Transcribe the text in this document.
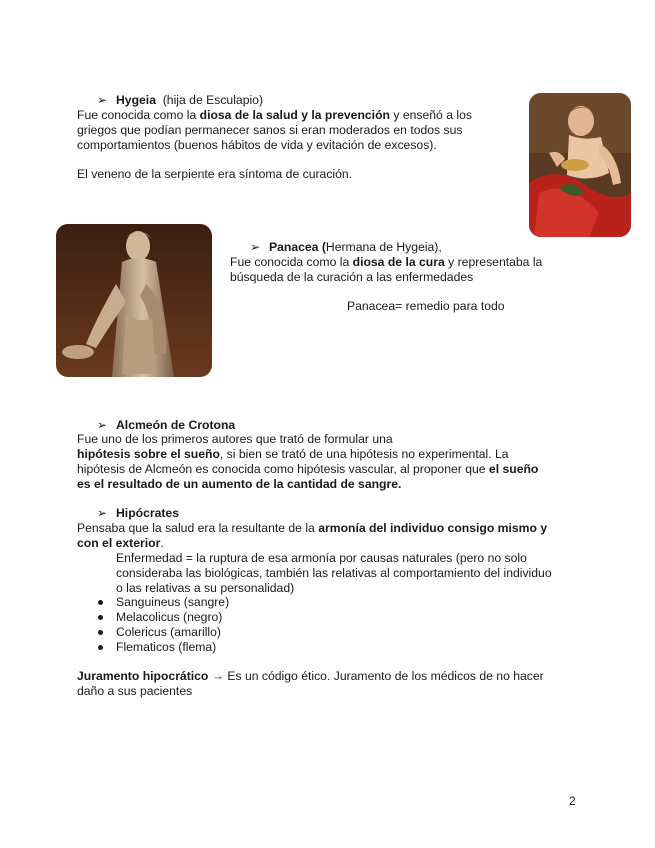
➢ Hygeia (hija de Esculapio)
Fue conocida como la diosa de la salud y la prevención y enseñó a los
griegos que podían permanecer sanos si eran moderados en todos sus
comportamientos (buenos hábitos de vida y evitación de excesos).
El veneno de la serpiente era síntoma de curación.
➢ Panacea (Hermana de Hygeia),
Fue conocida como la diosa de la cura y representaba la
búsqueda de la curación a las enfermedades
Panacea= remedio para todo
➢ Alcmeón de Crotona
Fue uno de los primeros autores que trató de formular una
hipótesis sobre el sueño, si bien se trató de una hipótesis no experimental. La
hipótesis de Alcmeón es conocida como hipótesis vascular, al proponer que el sueño
es el resultado de un aumento de la cantidad de sangre.
➢ Hipócrates
Pensaba que la salud era la resultante de la armonía del individuo consigo mismo y
con el exterior.
Enfermedad = la ruptura de esa armonía por causas naturales (pero no solo
consideraba las biológicas, también las relativas al comportamiento del individuo
o las relativas a su personalidad)
Sanguineus (sangre)
Melacolicus (negro)
Colericus (amarillo)
Flematicos (flema)
Juramento hipocrático → Es un código ético. Juramento de los médicos de no hacer
daño a sus pacientes
2
